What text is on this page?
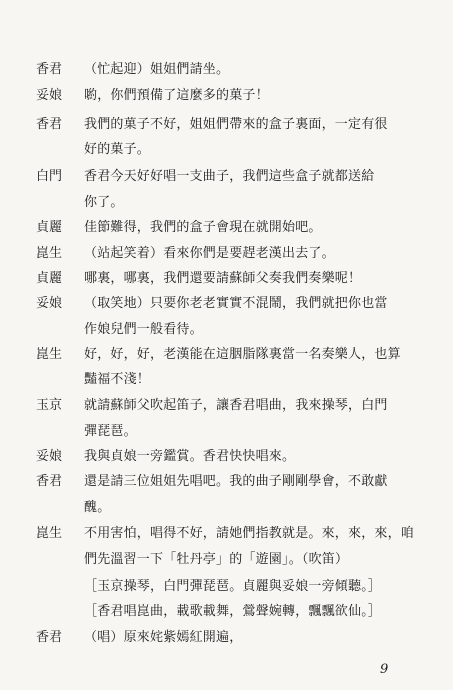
香君	（忙起迎）姐姐們請坐。
妥娘	喲，你們預備了這麼多的菓子！
香君	我們的菓子不好，姐姐們帶來的盒子裏面，一定有很
好的菓子。
白門	香君今天好好唱一支曲子，我們這些盒子就都送給
你了。
貞麗	佳節難得，我們的盒子會現在就開始吧。
崑生	（站起笑着）看來你們是要趕老漢出去了。
貞麗	哪裏，哪裏，我們還要請蘇師父奏我們奏樂呢！
妥娘	（取笑地）只要你老老實實不混鬧，我們就把你也當
作娘兒們一般看待。
崑生	好，好，好，老漢能在這胭脂隊裏當一名奏樂人，也算
豔福不淺！
玉京	就請蘇師父吹起笛子，讓香君唱曲，我來操琴，白門
彈琵琶。
妥娘	我與貞娘一旁鑑賞。香君快快唱來。
香君	還是請三位姐姐先唱吧。我的曲子剛剛學會，不敢獻
醜。
崑生	不用害怕，唱得不好，請她們指教就是。來，來，來，咱
們先溫習一下「牡丹亭」的「遊園」。（吹笛）
［玉京操琴，白門彈琵琶。貞麗與妥娘一旁傾聽。］
［香君唱崑曲，載歌載舞，鶯聲婉轉，飄飄欲仙。］
香君	（唱）原來姹紫嫣紅開遍，
9
